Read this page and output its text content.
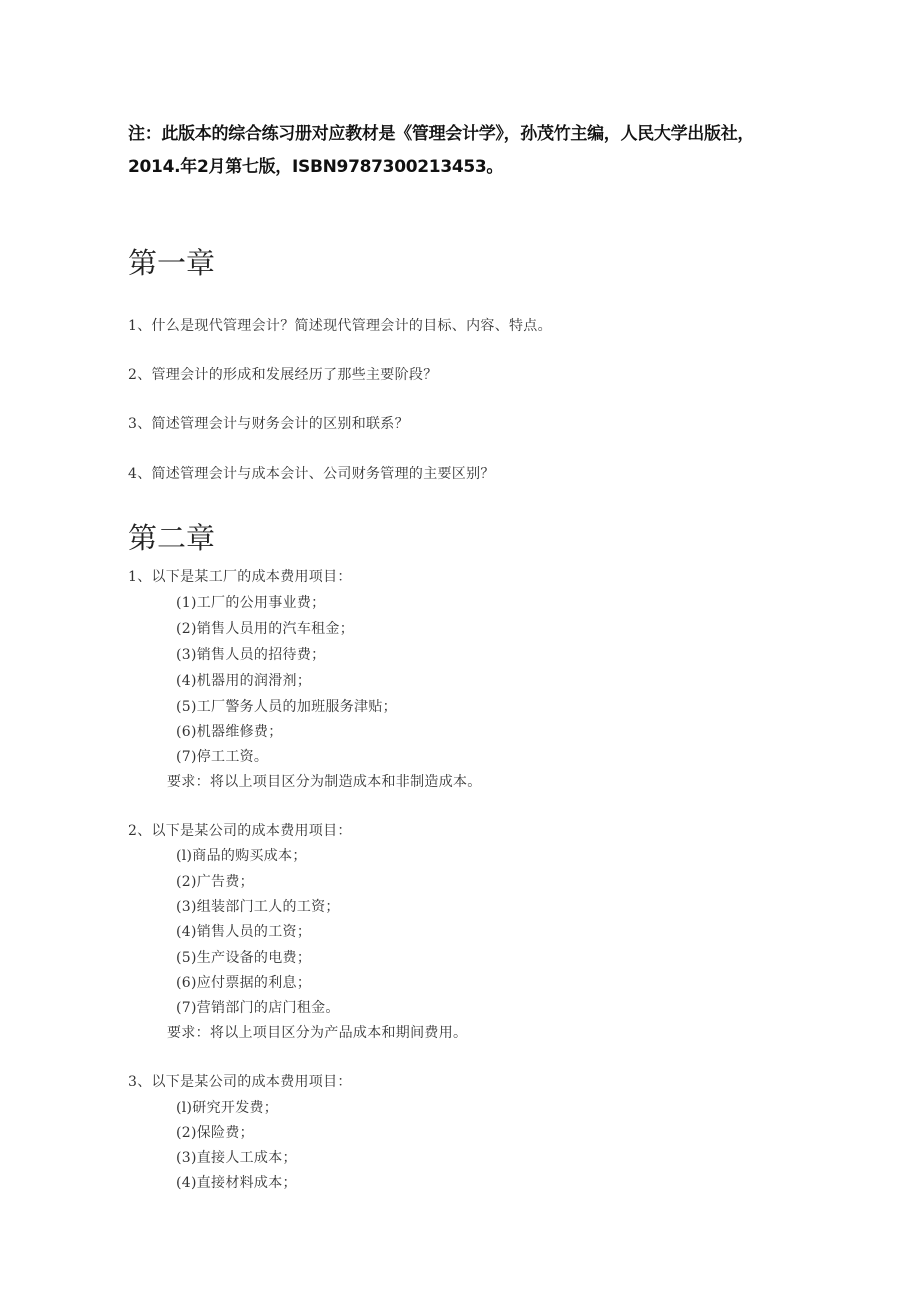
注：此版本的综合练习册对应教材是《管理会计学》，孙茂竹主编，人民大学出版社，
2014.年2月第七版，ISBN9787300213453。
第一章
1、什么是现代管理会计？简述现代管理会计的目标、内容、特点。
2、管理会计的形成和发展经历了那些主要阶段？
3、简述管理会计与财务会计的区别和联系？
4、简述管理会计与成本会计、公司财务管理的主要区别？
第二章
1、以下是某工厂的成本费用项目：
(1)工厂的公用事业费；
(2)销售人员用的汽车租金；
(3)销售人员的招待费；
(4)机器用的润滑剂；
(5)工厂警务人员的加班服务津贴；
(6)机器维修费；
(7)停工工资。
要求：将以上项目区分为制造成本和非制造成本。
2、以下是某公司的成本费用项目：
(l)商品的购买成本；
(2)广告费；
(3)组装部门工人的工资；
(4)销售人员的工资；
(5)生产设备的电费；
(6)应付票据的利息；
(7)营销部门的店门租金。
要求：将以上项目区分为产品成本和期间费用。
3、以下是某公司的成本费用项目：
(l)研究开发费；
(2)保险费；
(3)直接人工成本；
(4)直接材料成本；
